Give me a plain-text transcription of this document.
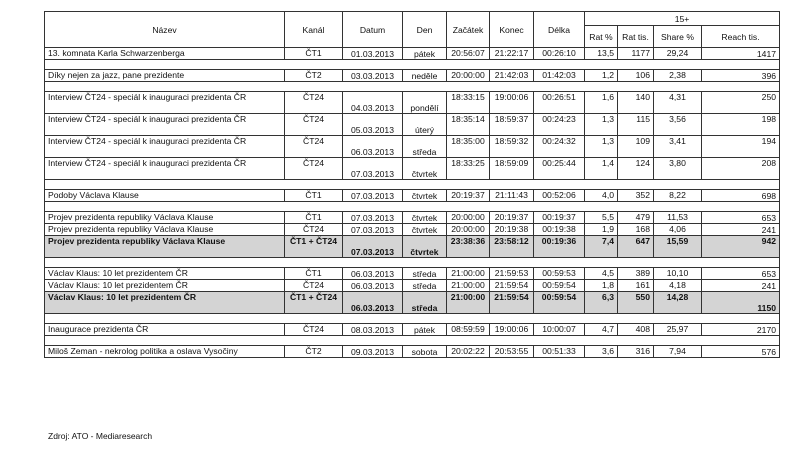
Název	Kanál	Datum	Den	Začátek	Konec	Délka	15+			
							Rat %	Rat tis.	Share %	Reach tis.
13. komnata Karla Schwarzenberga	ČT1	01.03.2013	pátek	20:56:07	21:22:17	00:26:10	13,5	1177	29,24	1417

Díky nejen za jazz, pane prezidente	ČT2	03.03.2013	neděle	20:00:00	21:42:03	01:42:03	1,2	106	2,38	396

Interview ČT24 - speciál k inauguraci prezidenta ČR	ČT24	04.03.2013	pondělí	18:33:15	19:00:06	00:26:51	1,6	140	4,31	250
Interview ČT24 - speciál k inauguraci prezidenta ČR	ČT24	05.03.2013	úterý	18:35:14	18:59:37	00:24:23	1,3	115	3,56	198
Interview ČT24 - speciál k inauguraci prezidenta ČR	ČT24	06.03.2013	středa	18:35:00	18:59:32	00:24:32	1,3	109	3,41	194
Interview ČT24 - speciál k inauguraci prezidenta ČR	ČT24	07.03.2013	čtvrtek	18:33:25	18:59:09	00:25:44	1,4	124	3,80	208

Podoby Václava Klause	ČT1	07.03.2013	čtvrtek	20:19:37	21:11:43	00:52:06	4,0	352	8,22	698

Projev prezidenta republiky Václava Klause	ČT1	07.03.2013	čtvrtek	20:00:00	20:19:37	00:19:37	5,5	479	11,53	653
Projev prezidenta republiky Václava Klause	ČT24	07.03.2013	čtvrtek	20:00:00	20:19:38	00:19:38	1,9	168	4,06	241
Projev prezidenta republiky Václava Klause	ČT1 + ČT24	07.03.2013	čtvrtek	23:38:36	23:58:12	00:19:36	7,4	647	15,59	942

Václav Klaus: 10 let prezidentem ČR	ČT1	06.03.2013	středa	21:00:00	21:59:53	00:59:53	4,5	389	10,10	653
Václav Klaus: 10 let prezidentem ČR	ČT24	06.03.2013	středa	21:00:00	21:59:54	00:59:54	1,8	161	4,18	241
Václav Klaus: 10 let prezidentem ČR	ČT1 + ČT24	06.03.2013	středa	21:00:00	21:59:54	00:59:54	6,3	550	14,28	1150

Inaugurace prezidenta ČR	ČT24	08.03.2013	pátek	08:59:59	19:00:06	10:00:07	4,7	408	25,97	2170

Miloš Zeman - nekrolog politika a oslava Vysočiny	ČT2	09.03.2013	sobota	20:02:22	20:53:55	00:51:33	3,6	316	7,94	576
Zdroj: ATO - Mediaresearch
